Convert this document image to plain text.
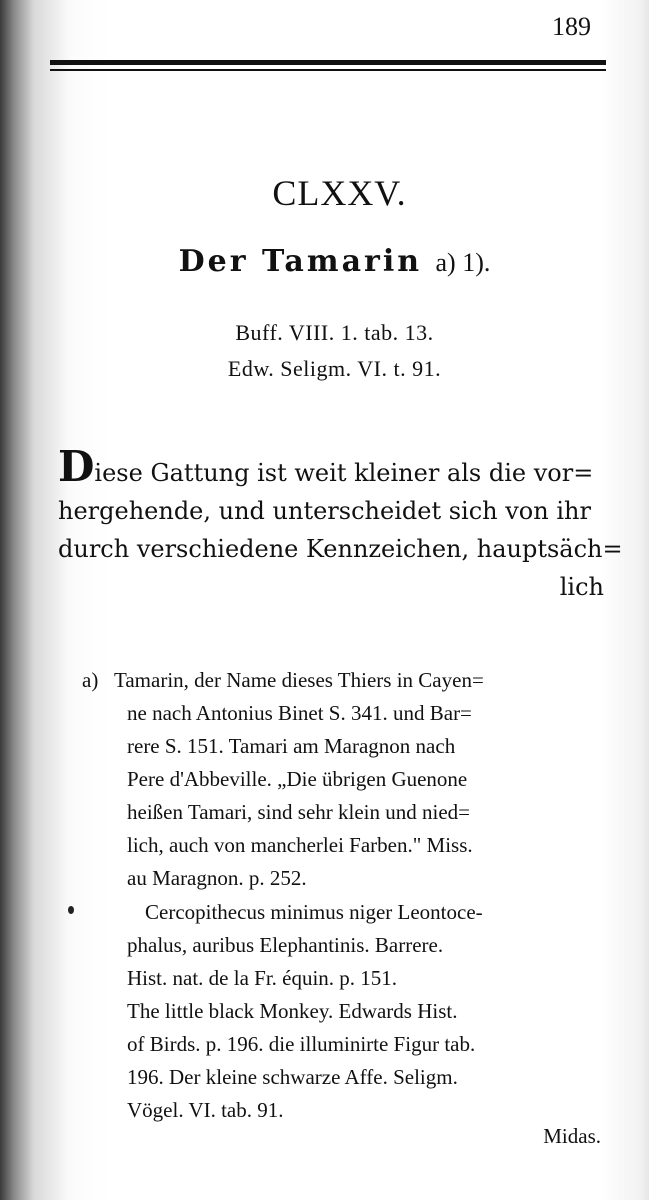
189
CLXXV.
Der Tamarin a) 1).
Buff. VIII. 1. tab. 13.
Edw. Seligm. VI. t. 91.
Diese Gattung ist weit kleiner als die vor=
hergehende, und unterscheidet sich von ihr
durch verschiedene Kennzeichen, hauptsäch=
lich
a) Tamarin, der Name dieses Thiers in Cayen=
ne nach Antonius Binet S. 341. und Bar=
rere S. 151. Tamari am Maragnon nach
Pere d'Abbeville. „Die übrigen Guenone
heißen Tamari, sind sehr klein und nied=
lich, auch von mancherlei Farben." Miss.
au Maragnon. p. 252.
Cercopithecus minimus niger Leontoce-
phalus, auribus Elephantinis. Barrere.
Hist. nat. de la Fr. équin. p. 151.
The little black Monkey. Edwards Hist.
of Birds. p. 196. die illuminirte Figur tab.
196. Der kleine schwarze Affe. Seligm.
Vögel. VI. tab. 91.
Midas.
